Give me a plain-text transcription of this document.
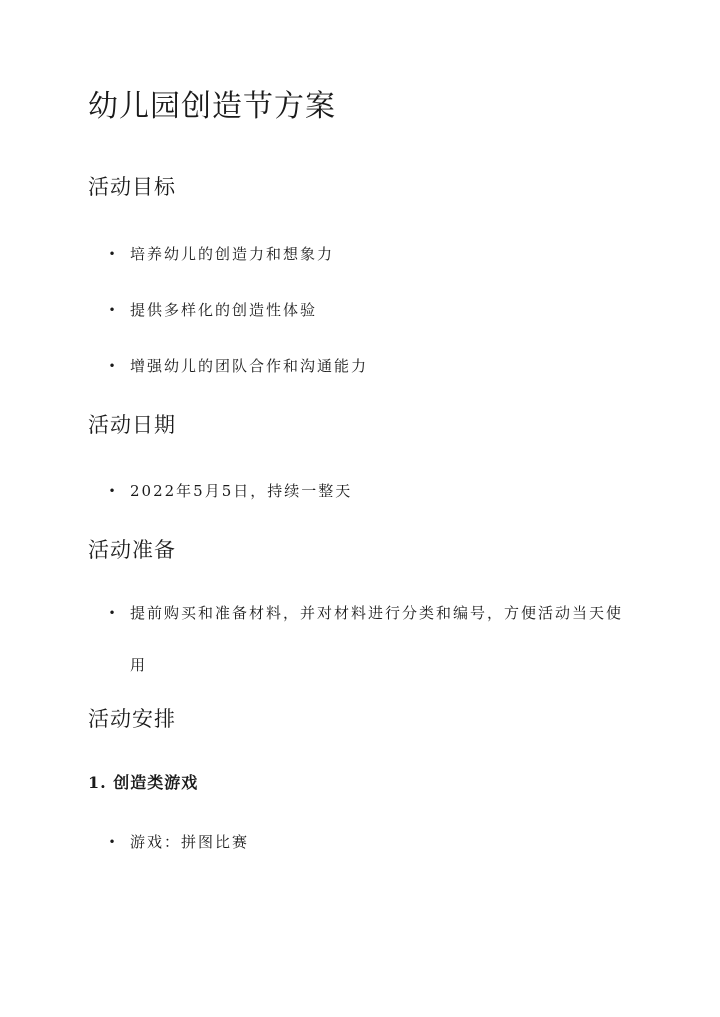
幼儿园创造节方案
活动目标
• 培养幼儿的创造力和想象力
• 提供多样化的创造性体验
• 增强幼儿的团队合作和沟通能力
活动日期
• 2022年5月5日，持续一整天
活动准备
• 提前购买和准备材料，并对材料进行分类和编号，方便活动当天使用
活动安排
1. 创造类游戏
• 游戏：拼图比赛
